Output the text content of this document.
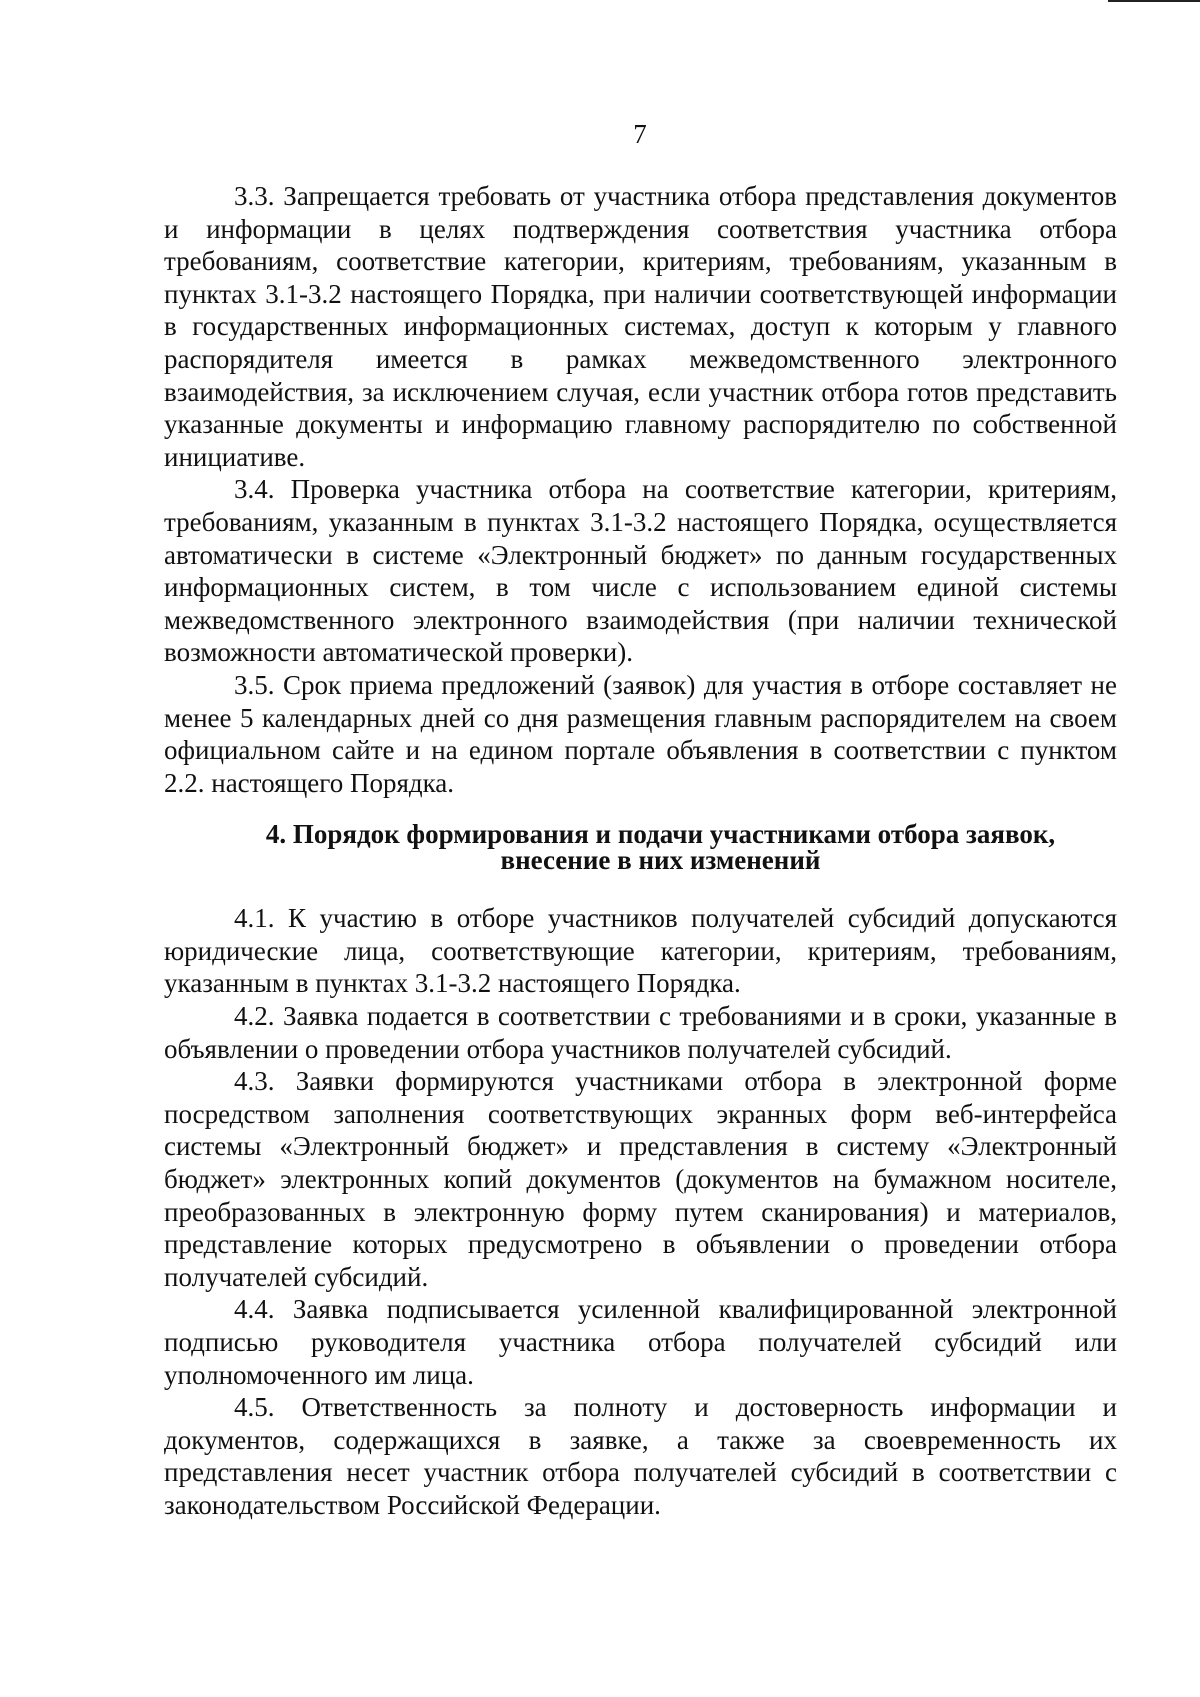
7

3.3. Запрещается требовать от участника отбора представления документов и информации в целях подтверждения соответствия участника отбора требованиям, соответствие категории, критериям, требованиям, указанным в пунктах 3.1-3.2 настоящего Порядка, при наличии соответствующей информации в государственных информационных системах, доступ к которым у главного распорядителя имеется в рамках межведомственного электронного взаимодействия, за исключением случая, если участник отбора готов представить указанные документы и информацию главному распорядителю по собственной инициативе.

3.4. Проверка участника отбора на соответствие категории, критериям, требованиям, указанным в пунктах 3.1-3.2 настоящего Порядка, осуществляется автоматически в системе «Электронный бюджет» по данным государственных информационных систем, в том числе с использованием единой системы межведомственного электронного взаимодействия (при наличии технической возможности автоматической проверки).

3.5. Срок приема предложений (заявок) для участия в отборе составляет не менее 5 календарных дней со дня размещения главным распорядителем на своем официальном сайте и на едином портале объявления в соответствии с пунктом 2.2. настоящего Порядка.

4. Порядок формирования и подачи участниками отбора заявок,
внесение в них изменений

4.1. К участию в отборе участников получателей субсидий допускаются юридические лица, соответствующие категории, критериям, требованиям, указанным в пунктах 3.1-3.2 настоящего Порядка.

4.2. Заявка подается в соответствии с требованиями и в сроки, указанные в объявлении о проведении отбора участников получателей субсидий.

4.3. Заявки формируются участниками отбора в электронной форме посредством заполнения соответствующих экранных форм веб-интерфейса системы «Электронный бюджет» и представления в систему «Электронный бюджет» электронных копий документов (документов на бумажном носителе, преобразованных в электронную форму путем сканирования) и материалов, представление которых предусмотрено в объявлении о проведении отбора получателей субсидий.

4.4. Заявка подписывается усиленной квалифицированной электронной подписью руководителя участника отбора получателей субсидий или уполномоченного им лица.

4.5. Ответственность за полноту и достоверность информации и документов, содержащихся в заявке, а также за своевременность их представления несет участник отбора получателей субсидий в соответствии с законодательством Российской Федерации.
